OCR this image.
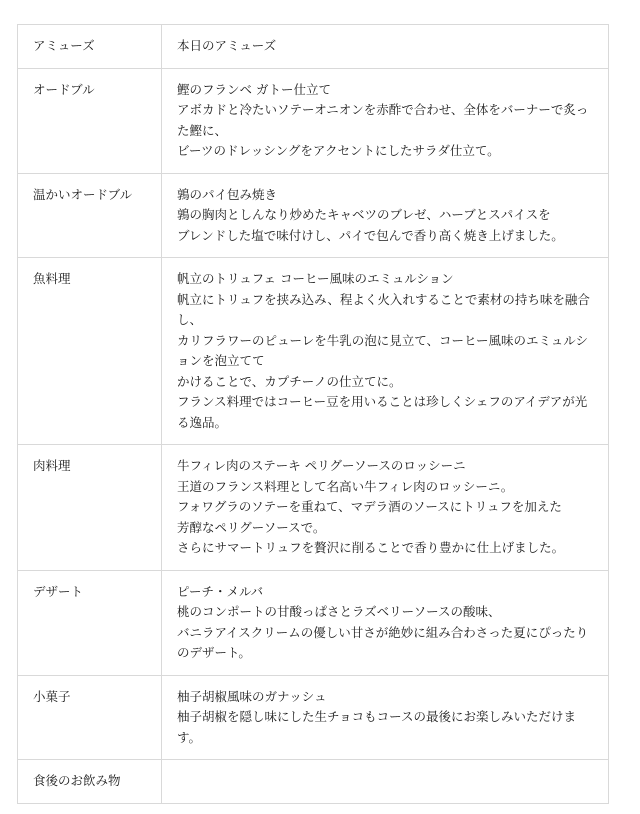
アミューズ	本日のアミューズ

オードブル	鰹のフランベ ガトー仕立て
アボカドと冷たいソテーオニオンを赤酢で合わせ、全体をバーナーで炙った鰹に、
ビーツのドレッシングをアクセントにしたサラダ仕立て。

温かいオードブル	鶉のパイ包み焼き
鶉の胸肉としんなり炒めたキャベツのブレゼ、ハーブとスパイスを
ブレンドした塩で味付けし、パイで包んで香り高く焼き上げました。

魚料理	帆立のトリュフェ コーヒー風味のエミュルション
帆立にトリュフを挟み込み、程よく火入れすることで素材の持ち味を融合し、
カリフラワーのピューレを牛乳の泡に見立て、コーヒー風味のエミュルションを泡立てて
かけることで、カプチーノの仕立てに。
フランス料理ではコーヒー豆を用いることは珍しくシェフのアイデアが光る逸品。

肉料理	牛フィレ肉のステーキ ペリグーソースのロッシーニ
王道のフランス料理として名高い牛フィレ肉のロッシーニ。
フォワグラのソテーを重ねて、マデラ酒のソースにトリュフを加えた
芳醇なペリグーソースで。
さらにサマートリュフを贅沢に削ることで香り豊かに仕上げました。

デザート	ピーチ・メルバ
桃のコンポートの甘酸っぱさとラズベリーソースの酸味、
バニラアイスクリームの優しい甘さが絶妙に組み合わさった夏にぴったりのデザート。

小菓子	柚子胡椒風味のガナッシュ
柚子胡椒を隠し味にした生チョコもコースの最後にお楽しみいただけます。

食後のお飲み物	
